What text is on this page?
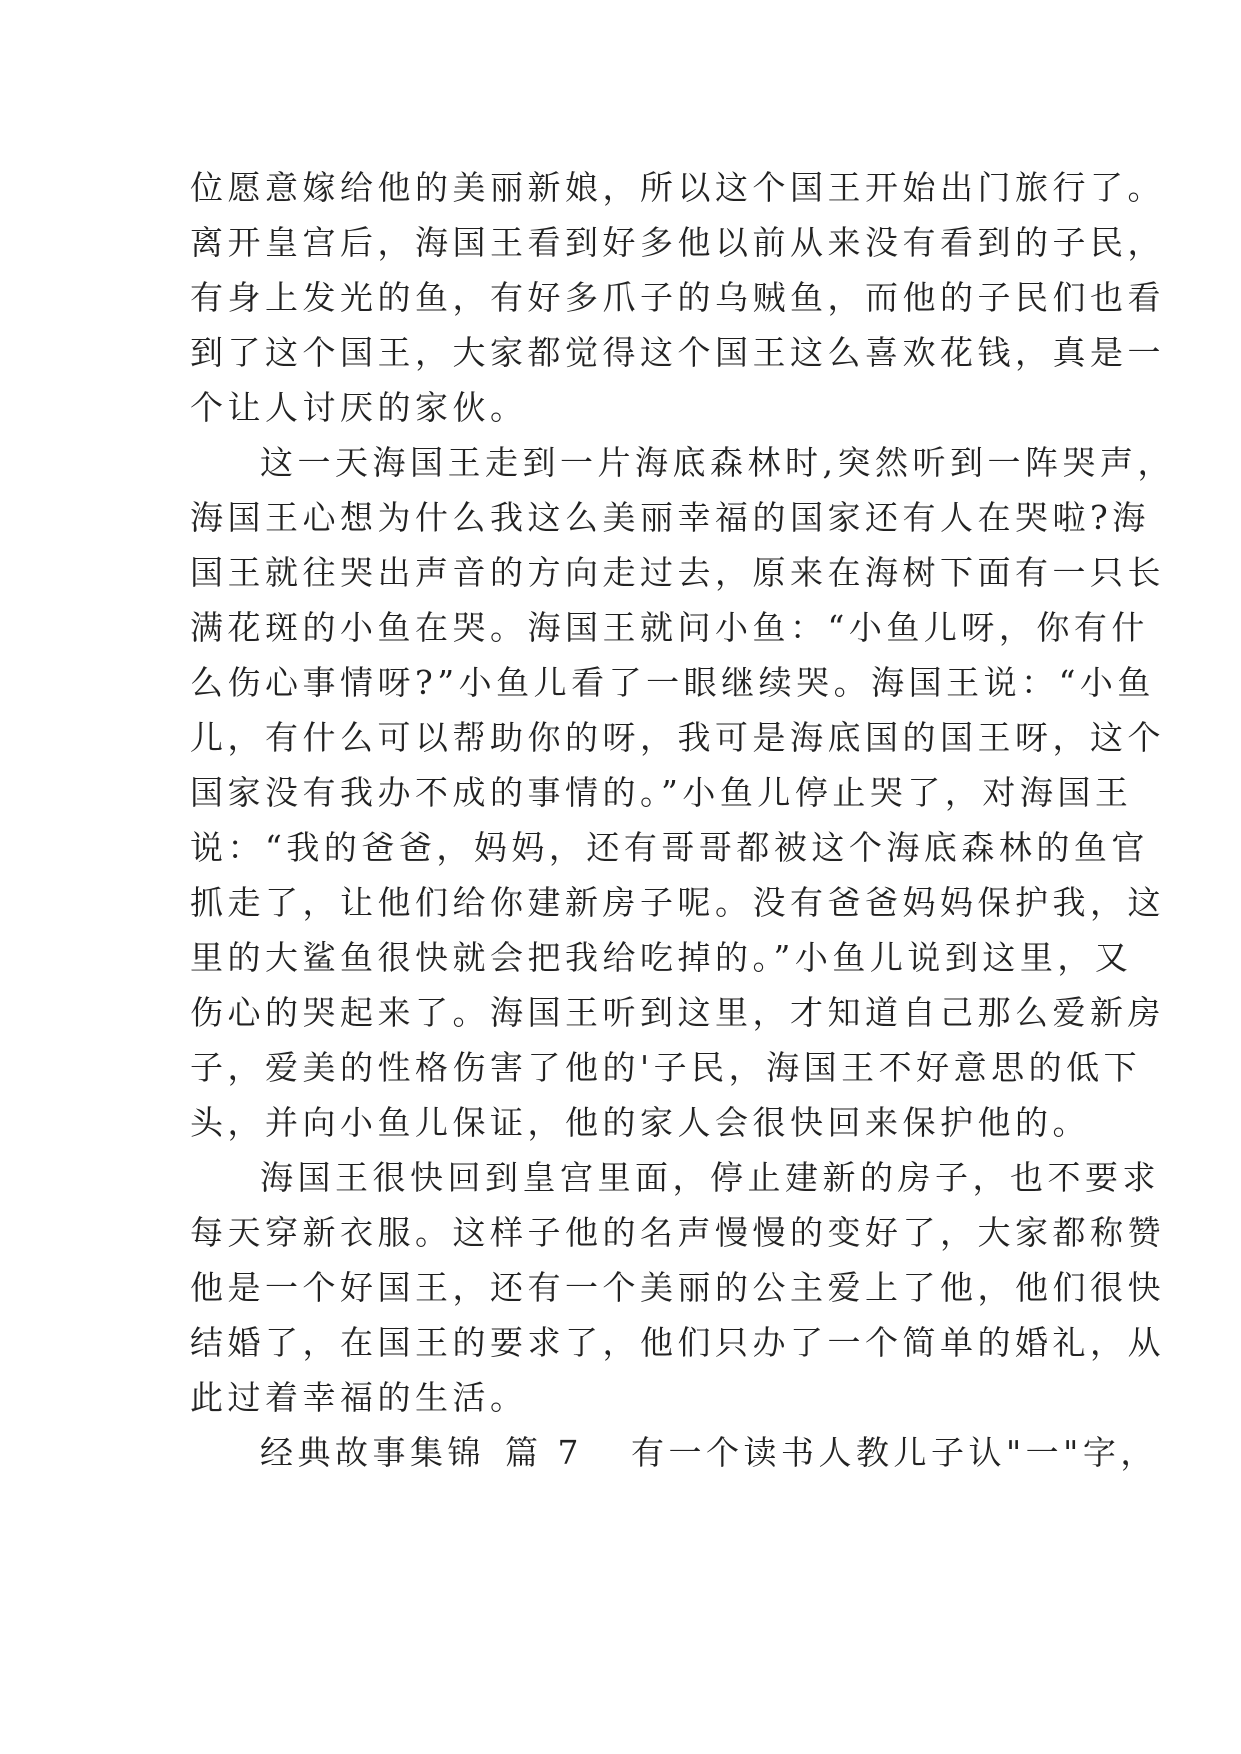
位愿意嫁给他的美丽新娘，所以这个国王开始出门旅行了。
离开皇宫后，海国王看到好多他以前从来没有看到的子民，
有身上发光的鱼，有好多爪子的乌贼鱼，而他的子民们也看
到了这个国王，大家都觉得这个国王这么喜欢花钱，真是一
个让人讨厌的家伙。
这一天海国王走到一片海底森林时,突然听到一阵哭声，
海国王心想为什么我这么美丽幸福的国家还有人在哭啦?海
国王就往哭出声音的方向走过去，原来在海树下面有一只长
满花斑的小鱼在哭。海国王就问小鱼：“小鱼儿呀，你有什
么伤心事情呀?”小鱼儿看了一眼继续哭。海国王说：“小鱼
儿，有什么可以帮助你的呀，我可是海底国的国王呀，这个
国家没有我办不成的事情的。”小鱼儿停止哭了，对海国王
说：“我的爸爸，妈妈，还有哥哥都被这个海底森林的鱼官
抓走了，让他们给你建新房子呢。没有爸爸妈妈保护我，这
里的大鲨鱼很快就会把我给吃掉的。”小鱼儿说到这里，又
伤心的哭起来了。海国王听到这里，才知道自己那么爱新房
子，爱美的性格伤害了他的'子民，海国王不好意思的低下
头，并向小鱼儿保证，他的家人会很快回来保护他的。
海国王很快回到皇宫里面，停止建新的房子，也不要求
每天穿新衣服。这样子他的名声慢慢的变好了，大家都称赞
他是一个好国王，还有一个美丽的公主爱上了他，他们很快
结婚了，在国王的要求了，他们只办了一个简单的婚礼，从
此过着幸福的生活。
经典故事集锦 篇 7 有一个读书人教儿子认"一"字，
